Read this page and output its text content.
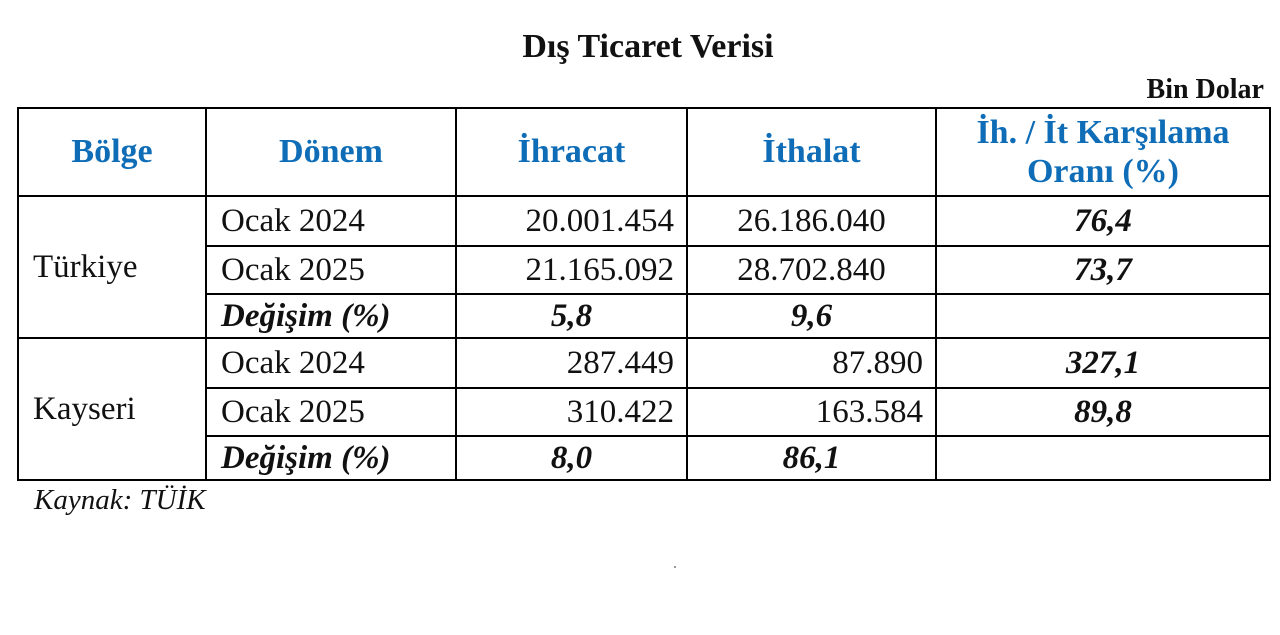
Dış Ticaret Verisi
Bin Dolar
Bölge	Dönem	İhracat	İthalat	İh. / İt Karşılama
Oranı (%)
Türkiye	Ocak 2024	20.001.454	26.186.040	76,4
	Ocak 2025	21.165.092	28.702.840	73,7
	Değişim (%)	5,8	9,6	
Kayseri	Ocak 2024	287.449	87.890	327,1
	Ocak 2025	310.422	163.584	89,8
	Değişim (%)	8,0	86,1	
Kaynak: TÜİK
